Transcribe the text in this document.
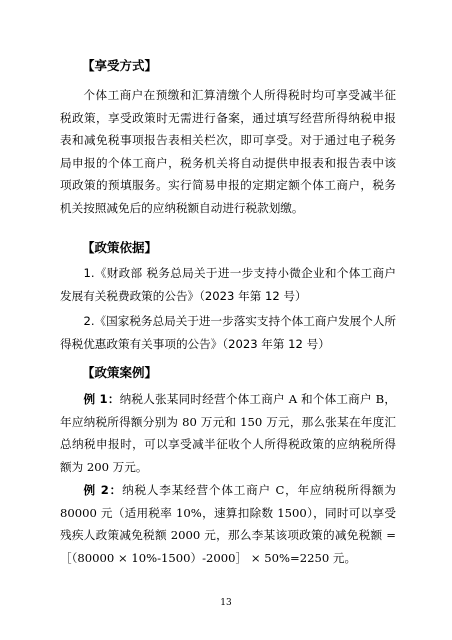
【享受方式】

个体工商户在预缴和汇算清缴个人所得税时均可享受减半征税政策，享受政策时无需进行备案，通过填写经营所得纳税申报表和减免税事项报告表相关栏次，即可享受。对于通过电子税务局申报的个体工商户，税务机关将自动提供申报表和报告表中该项政策的预填服务。实行简易申报的定期定额个体工商户，税务机关按照减免后的应纳税额自动进行税款划缴。

【政策依据】

1.《财政部 税务总局关于进一步支持小微企业和个体工商户发展有关税费政策的公告》（2023 年第 12 号）

2.《国家税务总局关于进一步落实支持个体工商户发展个人所得税优惠政策有关事项的公告》（2023 年第 12 号）

【政策案例】

例 1：纳税人张某同时经营个体工商户 A 和个体工商户 B，年应纳税所得额分别为 80 万元和 150 万元，那么张某在年度汇总纳税申报时，可以享受减半征收个人所得税政策的应纳税所得额为 200 万元。

例 2：纳税人李某经营个体工商户 C，年应纳税所得额为 80000 元（适用税率 10%，速算扣除数 1500），同时可以享受残疾人政策减免税额 2000 元，那么李某该项政策的减免税额 =［（80000 × 10%-1500）-2000］ × 50%=2250 元。

13
